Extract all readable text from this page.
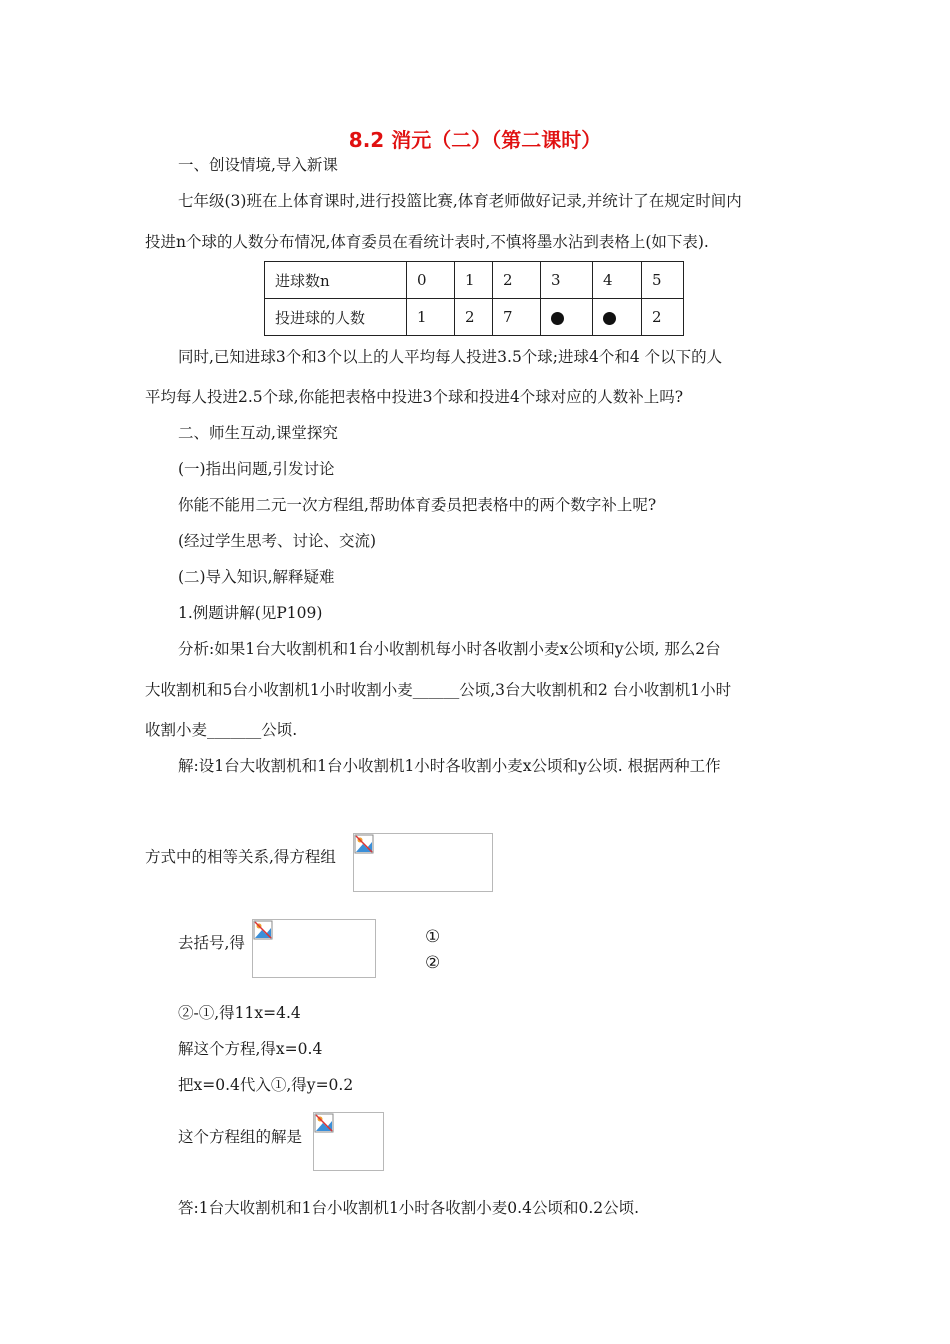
8.2 消元（二）（第二课时）
一、创设情境,导入新课
七年级(3)班在上体育课时,进行投篮比赛,体育老师做好记录,并统计了在规定时间内
投进n个球的人数分布情况,体育委员在看统计表时,不慎将墨水沾到表格上(如下表).
进球数n	0	1	2	3	4	5
投进球的人数	1	2	7			2
同时,已知进球3个和3个以上的人平均每人投进3.5个球;进球4个和4 个以下的人
平均每人投进2.5个球,你能把表格中投进3个球和投进4个球对应的人数补上吗?
二、师生互动,课堂探究
(一)指出问题,引发讨论
你能不能用二元一次方程组,帮助体育委员把表格中的两个数字补上呢?
(经过学生思考、讨论、交流)
(二)导入知识,解释疑难
1.例题讲解(见P109)
分析:如果1台大收割机和1台小收割机每小时各收割小麦x公顷和y公顷, 那么2台
大收割机和5台小收割机1小时收割小麦______公顷,3台大收割机和2 台小收割机1小时
收割小麦_______公顷.
解:设1台大收割机和1台小收割机1小时各收割小麦x公顷和y公顷. 根据两种工作
方式中的相等关系,得方程组
去括号,得	①
②
②-①,得11x=4.4
解这个方程,得x=0.4
把x=0.4代入①,得y=0.2
这个方程组的解是
答:1台大收割机和1台小收割机1小时各收割小麦0.4公顷和0.2公顷.
